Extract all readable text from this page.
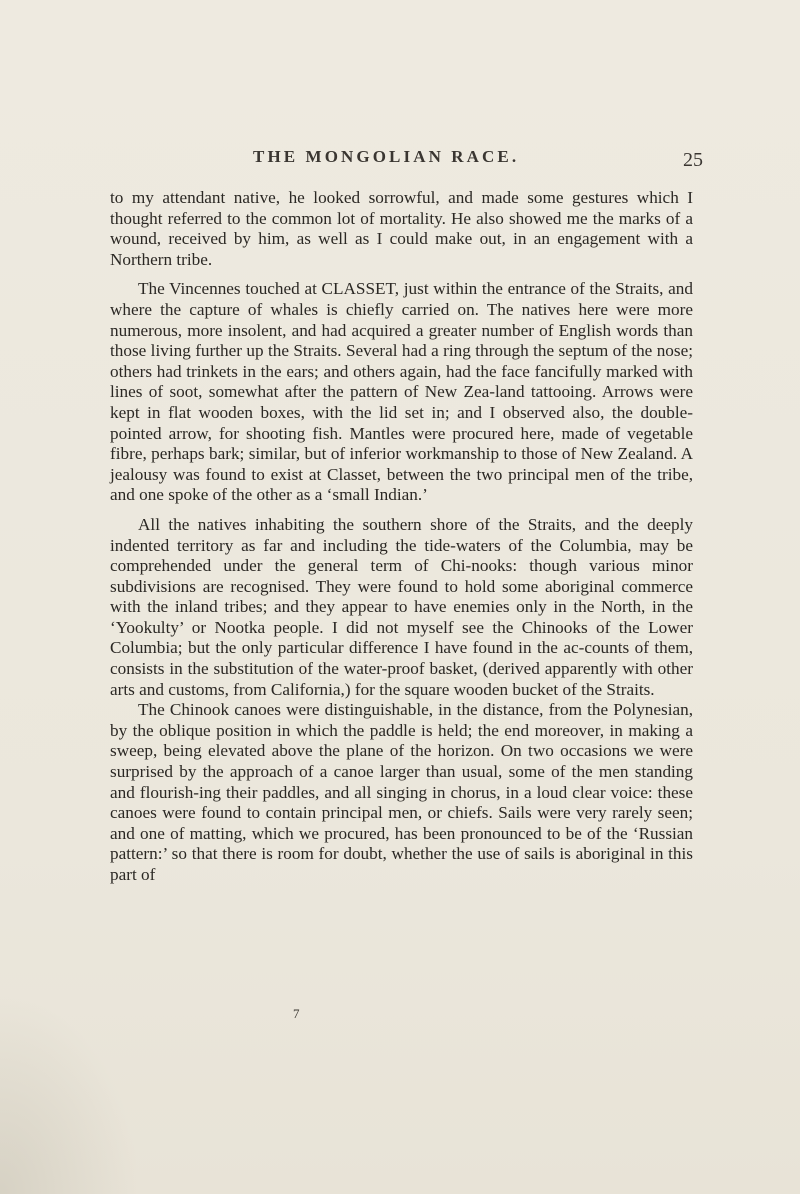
THE MONGOLIAN RACE.	25

to my attendant native, he looked sorrowful, and made some gestures which I thought referred to the common lot of mortality. He also showed me the marks of a wound, received by him, as well as I could make out, in an engagement with a Northern tribe.

The Vincennes touched at CLASSET, just within the entrance of the Straits, and where the capture of whales is chiefly carried on. The natives here were more numerous, more insolent, and had acquired a greater number of English words than those living further up the Straits. Several had a ring through the septum of the nose; others had trinkets in the ears; and others again, had the face fancifully marked with lines of soot, somewhat after the pattern of New Zea-land tattooing. Arrows were kept in flat wooden boxes, with the lid set in; and I observed also, the double-pointed arrow, for shooting fish. Mantles were procured here, made of vegetable fibre, perhaps bark; similar, but of inferior workmanship to those of New Zealand. A jealousy was found to exist at Classet, between the two principal men of the tribe, and one spoke of the other as a ‘small Indian.’

All the natives inhabiting the southern shore of the Straits, and the deeply indented territory as far and including the tide-waters of the Columbia, may be comprehended under the general term of Chi-nooks: though various minor subdivisions are recognised. They were found to hold some aboriginal commerce with the inland tribes; and they appear to have enemies only in the North, in the ‘Yookulty’ or Nootka people. I did not myself see the Chinooks of the Lower Columbia; but the only particular difference I have found in the ac-counts of them, consists in the substitution of the water-proof basket, (derived apparently with other arts and customs, from California,) for the square wooden bucket of the Straits.

The Chinook canoes were distinguishable, in the distance, from the Polynesian, by the oblique position in which the paddle is held; the end moreover, in making a sweep, being elevated above the plane of the horizon. On two occasions we were surprised by the approach of a canoe larger than usual, some of the men standing and flourish-ing their paddles, and all singing in chorus, in a loud clear voice: these canoes were found to contain principal men, or chiefs. Sails were very rarely seen; and one of matting, which we procured, has been pronounced to be of the ‘Russian pattern:’ so that there is room for doubt, whether the use of sails is aboriginal in this part of

7
